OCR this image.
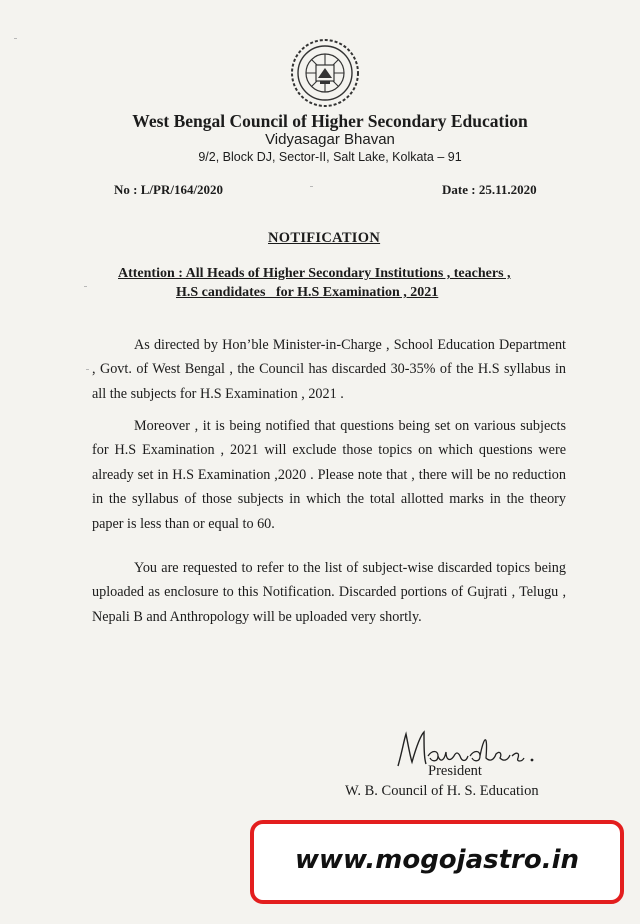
West Bengal Council of Higher Secondary Education
Vidyasagar Bhavan
9/2, Block DJ, Sector-II, Salt Lake, Kolkata – 91
No : L/PR/164/2020	Date : 25.11.2020
NOTIFICATION
Attention : All Heads of Higher Secondary Institutions , teachers ,
H.S candidates   for H.S Examination , 2021
As directed by Hon’ble Minister-in-Charge , School Education Department , Govt. of West Bengal , the Council has discarded 30-35% of the H.S syllabus in all the subjects for H.S Examination , 2021 .
Moreover , it is being notified that questions being set on various subjects for H.S Examination , 2021 will exclude those topics on which questions were already set in H.S Examination ,2020 . Please note that , there will be no reduction in the syllabus of those subjects in which the total allotted marks in the theory paper is less than or equal to 60.
You are requested to refer to the list of subject-wise discarded topics being uploaded as enclosure to this Notification. Discarded portions of Gujrati , Telugu , Nepali B and Anthropology will be uploaded very shortly.
President
W. B. Council of H. S. Education
www.mogojastro.in
